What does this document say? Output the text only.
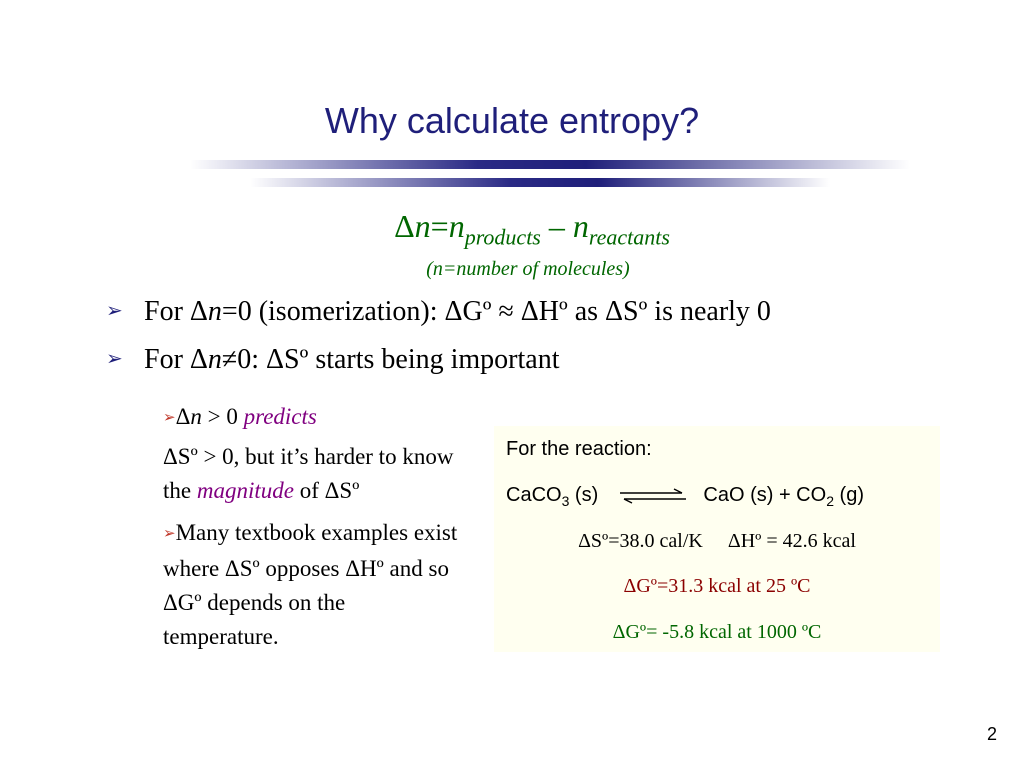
Why calculate entropy?
$\Delta n=n_{products} - n_{reactants}$
(n=number of molecules)
➢ For Δn=0 (isomerization): ΔGº ≈ ΔHº as ΔSº is nearly 0
➢ For Δn≠0: ΔSº starts being important
➢Δn > 0 predicts
ΔSº > 0, but it’s harder to know the magnitude of ΔSº
➢Many textbook examples exist where ΔSº opposes ΔHº and so ΔGº depends on the temperature.
For the reaction:
CaCO$_3$ (s) ⇌ CaO $(s) + CO_2$ (g)
ΔSº=38.0 cal/K     ΔHº = 42.6 kcal
ΔGº=31.3 kcal at 25 ºC
ΔGº= -5.8 kcal at 1000 ºC
2
